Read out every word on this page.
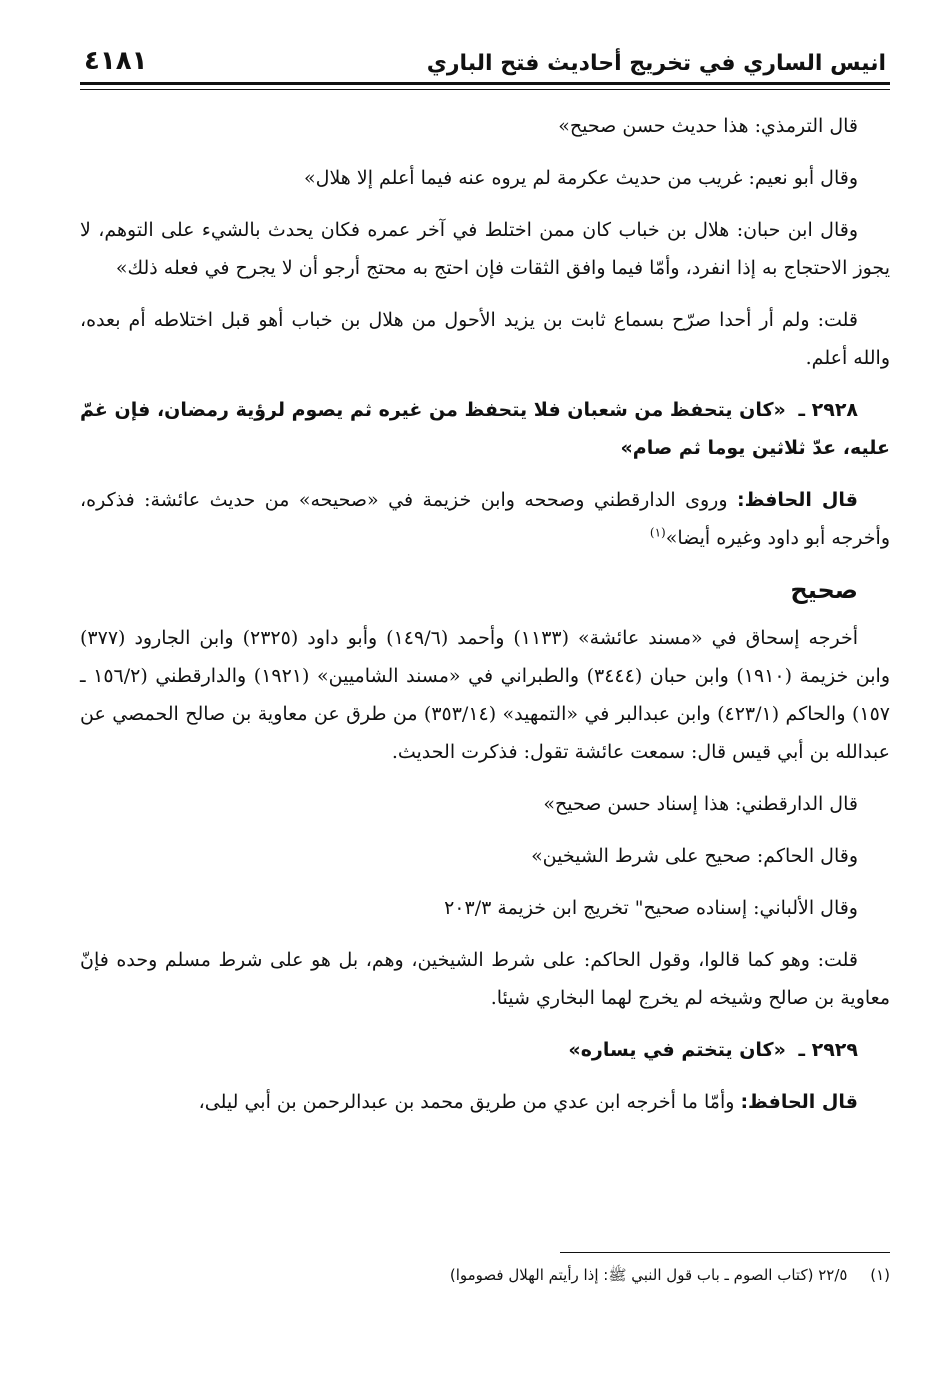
انيس الساري في تخريج أحاديث فتح الباري
٤١٨١

قال الترمذي: هذا حديث حسن صحيح»

وقال أبو نعيم: غريب من حديث عكرمة لم يروه عنه فيما أعلم إلا هلال»

وقال ابن حبان: هلال بن خباب كان ممن اختلط في آخر عمره فكان يحدث بالشيء على التوهم، لا يجوز الاحتجاج به إذا انفرد، وأمّا فيما وافق الثقات فإن احتج به محتج أرجو أن لا يجرح في فعله ذلك»

قلت: ولم أر أحدا صرّح بسماع ثابت بن يزيد الأحول من هلال بن خباب أهو قبل اختلاطه أم بعده، والله أعلم.

٢٩٢٨ ـ «كان يتحفظ من شعبان فلا يتحفظ من غيره ثم يصوم لرؤية رمضان، فإن غمّ عليه، عدّ ثلاثين يوما ثم صام»

قال الحافظ: وروى الدارقطني وصححه وابن خزيمة في «صحيحه» من حديث عائشة: فذكره، وأخرجه أبو داود وغيره أيضا»$^{(١)}$

صحيح

أخرجه إسحاق في «مسند عائشة» (١١٣٣) وأحمد (١٤٩/٦) وأبو داود (٢٣٢٥) وابن الجارود (٣٧٧) وابن خزيمة (١٩١٠) وابن حبان (٣٤٤٤) والطبراني في «مسند الشاميين» (١٩٢١) والدارقطني (١٥٦/٢ ـ ١٥٧) والحاكم (٤٢٣/١) وابن عبدالبر في «التمهيد» (٣٥٣/١٤) من طرق عن معاوية بن صالح الحمصي عن عبدالله بن أبي قيس قال: سمعت عائشة تقول: فذكرت الحديث.

قال الدارقطني: هذا إسناد حسن صحيح»

وقال الحاكم: صحيح على شرط الشيخين»

وقال الألباني: إسناده صحيح" تخريج ابن خزيمة ٢٠٣/٣

قلت: وهو كما قالوا، وقول الحاكم: على شرط الشيخين، وهم، بل هو على شرط مسلم وحده فإنّ معاوية بن صالح وشيخه لم يخرج لهما البخاري شيئا.

٢٩٢٩ ـ «كان يتختم في يساره»

قال الحافظ: وأمّا ما أخرجه ابن عدي من طريق محمد بن عبدالرحمن بن أبي ليلى،

(١) ٢٢/٥ (كتاب الصوم ـ باب قول النبي ﷺ: إذا رأيتم الهلال فصوموا)
